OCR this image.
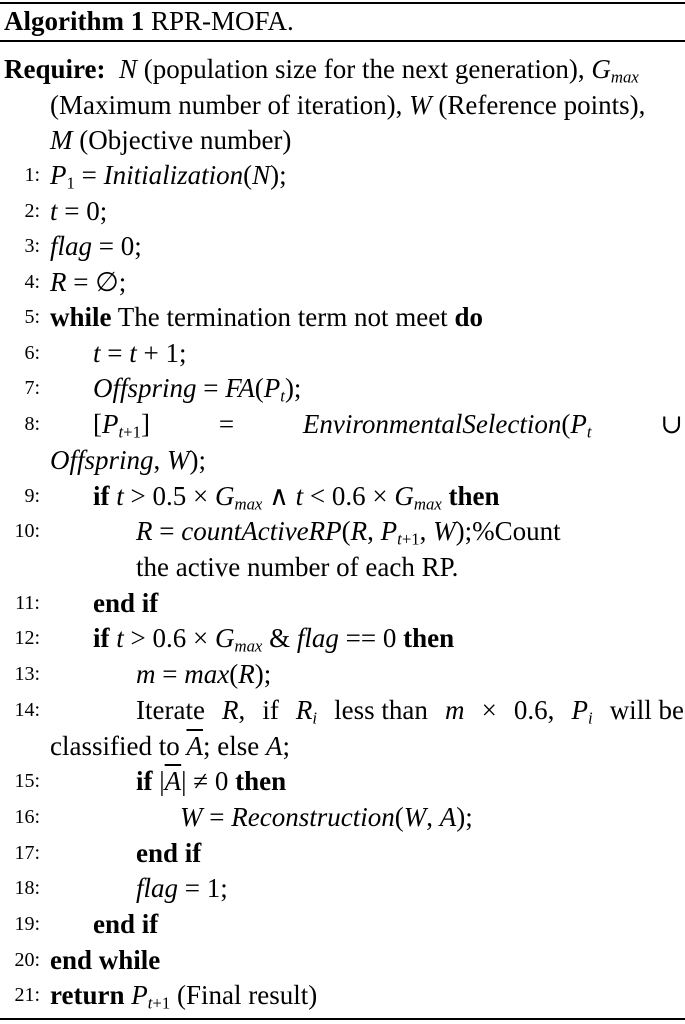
Algorithm 1 RPR-MOFA.
Require:  N (population size for the next generation), $G_{max}$
(Maximum number of iteration), W (Reference points),
M (Objective number)
1: $P_1$ = Initialization(N);
2: t = 0;
3: flag = 0;
4: R = ∅;
5: while The termination term not meet do
6: t = t + 1;
7: Offspring = $FA(P_t)$;
8: $[P_{t+1}]$	=	$EnvironmentalSelection(P_t$	∪
Offspring, W);
9: if $t > 0.5 \times G_{max}$ ∧ $t < 0.6 \times G_{max}$ then
10:	R = countActiveRP(R, $P_{t+1}$, W);%Count
the active number of each RP.
11: end if
12: if $t > 0.6 \times G_{max}$ & flag == 0 then
13:	m = max(R);
14:	Iterate R, if $R_i$ less than m × 0.6, $P_i$ will be
classified to $\overline{A}$; else A;
15:	if $|\overline{A}| \ne 0$ then
16:	W = Reconstruction(W, A);
17:	end if
18:	flag = 1;
19: end if
20: end while
21: return $P_{t+1}$ (Final result)
